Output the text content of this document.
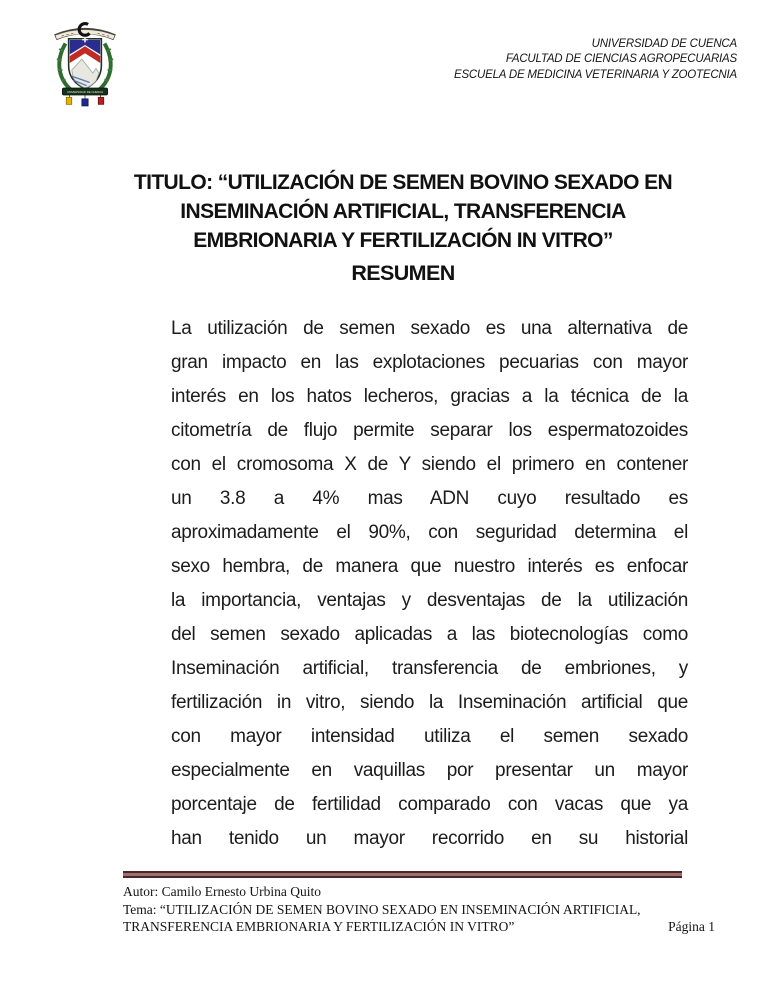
UNIVERSIDAD DE CUENCA
UNIVERSIDAD DE CUENCA
FACULTAD DE CIENCIAS AGROPECUARIAS
ESCUELA DE MEDICINA VETERINARIA Y ZOOTECNIA
TITULO: “UTILIZACIÓN DE SEMEN BOVINO SEXADO EN
INSEMINACIÓN ARTIFICIAL, TRANSFERENCIA
EMBRIONARIA Y FERTILIZACIÓN IN VITRO”
RESUMEN
La utilización de semen sexado es una alternativa de
gran impacto en las explotaciones pecuarias con mayor
interés en los hatos lecheros, gracias a la técnica de la
citometría de flujo permite separar los espermatozoides
con el cromosoma X de Y siendo el primero en contener
un 3.8 a 4% mas ADN cuyo resultado es
aproximadamente el 90%, con seguridad determina el
sexo hembra, de manera que nuestro interés es enfocar
la importancia, ventajas y desventajas de la utilización
del semen sexado aplicadas a las biotecnologías como
Inseminación artificial, transferencia de embriones, y
fertilización in vitro, siendo la Inseminación artificial que
con mayor intensidad utiliza el semen sexado
especialmente en vaquillas por presentar un mayor
porcentaje de fertilidad comparado con vacas que ya
han tenido un mayor recorrido en su historial
Autor: Camilo Ernesto Urbina Quito
Tema: “UTILIZACIÓN DE SEMEN BOVINO SEXADO EN INSEMINACIÓN ARTIFICIAL,
TRANSFERENCIA EMBRIONARIA Y FERTILIZACIÓN IN VITRO”	Página 1
